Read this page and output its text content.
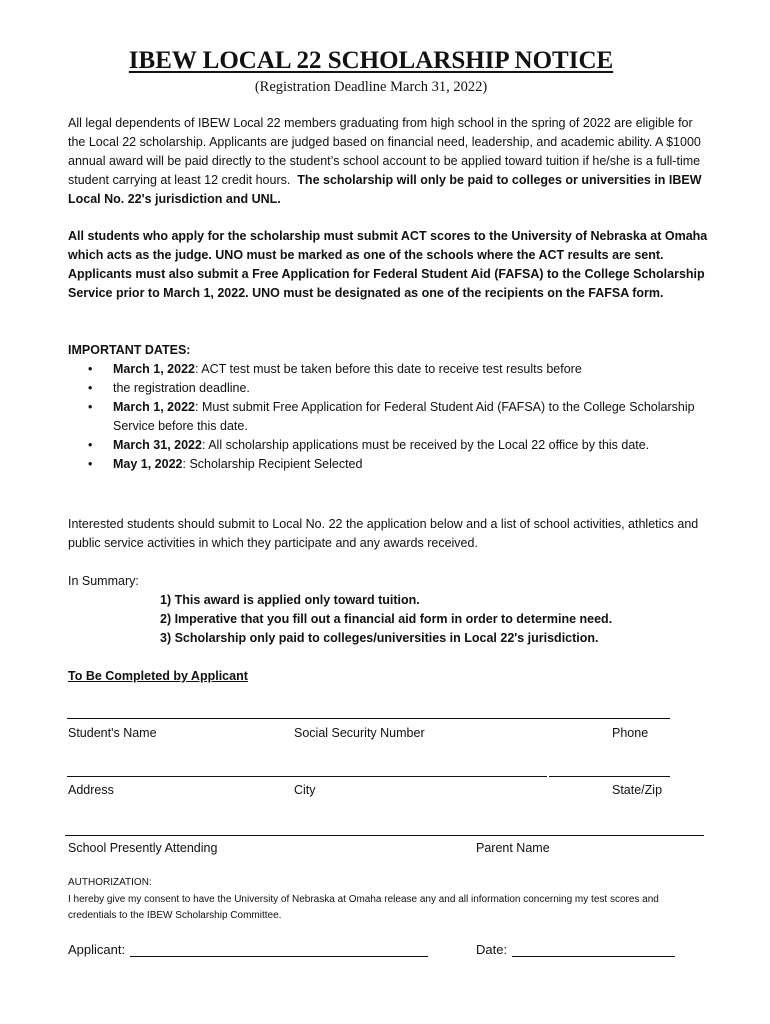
IBEW LOCAL 22 SCHOLARSHIP NOTICE
(Registration Deadline March 31, 2022)
All legal dependents of IBEW Local 22 members graduating from high school in the spring of 2022 are eligible for the Local 22 scholarship. Applicants are judged based on financial need, leadership, and academic ability. A $1000 annual award will be paid directly to the student’s school account to be applied toward tuition if he/she is a full-time student carrying at least 12 credit hours. The scholarship will only be paid to colleges or universities in IBEW Local No. 22's jurisdiction and UNL.
All students who apply for the scholarship must submit ACT scores to the University of Nebraska at Omaha which acts as the judge. UNO must be marked as one of the schools where the ACT results are sent. Applicants must also submit a Free Application for Federal Student Aid (FAFSA) to the College Scholarship Service prior to March 1, 2022. UNO must be designated as one of the recipients on the FAFSA form.
IMPORTANT DATES:
• March 1, 2022: ACT test must be taken before this date to receive test results before
• the registration deadline.
• March 1, 2022: Must submit Free Application for Federal Student Aid (FAFSA) to the College Scholarship Service before this date.
• March 31, 2022: All scholarship applications must be received by the Local 22 office by this date.
• May 1, 2022: Scholarship Recipient Selected
Interested students should submit to Local No. 22 the application below and a list of school activities, athletics and public service activities in which they participate and any awards received.
In Summary:
1) This award is applied only toward tuition.
2) Imperative that you fill out a financial aid form in order to determine need.
3) Scholarship only paid to colleges/universities in Local 22's jurisdiction.
To Be Completed by Applicant
Student's Name	Social Security Number	Phone
Address	City	State/Zip
School Presently Attending	Parent Name
AUTHORIZATION:
I hereby give my consent to have the University of Nebraska at Omaha release any and all information concerning my test scores and credentials to the IBEW Scholarship Committee.
Applicant:	Date:
